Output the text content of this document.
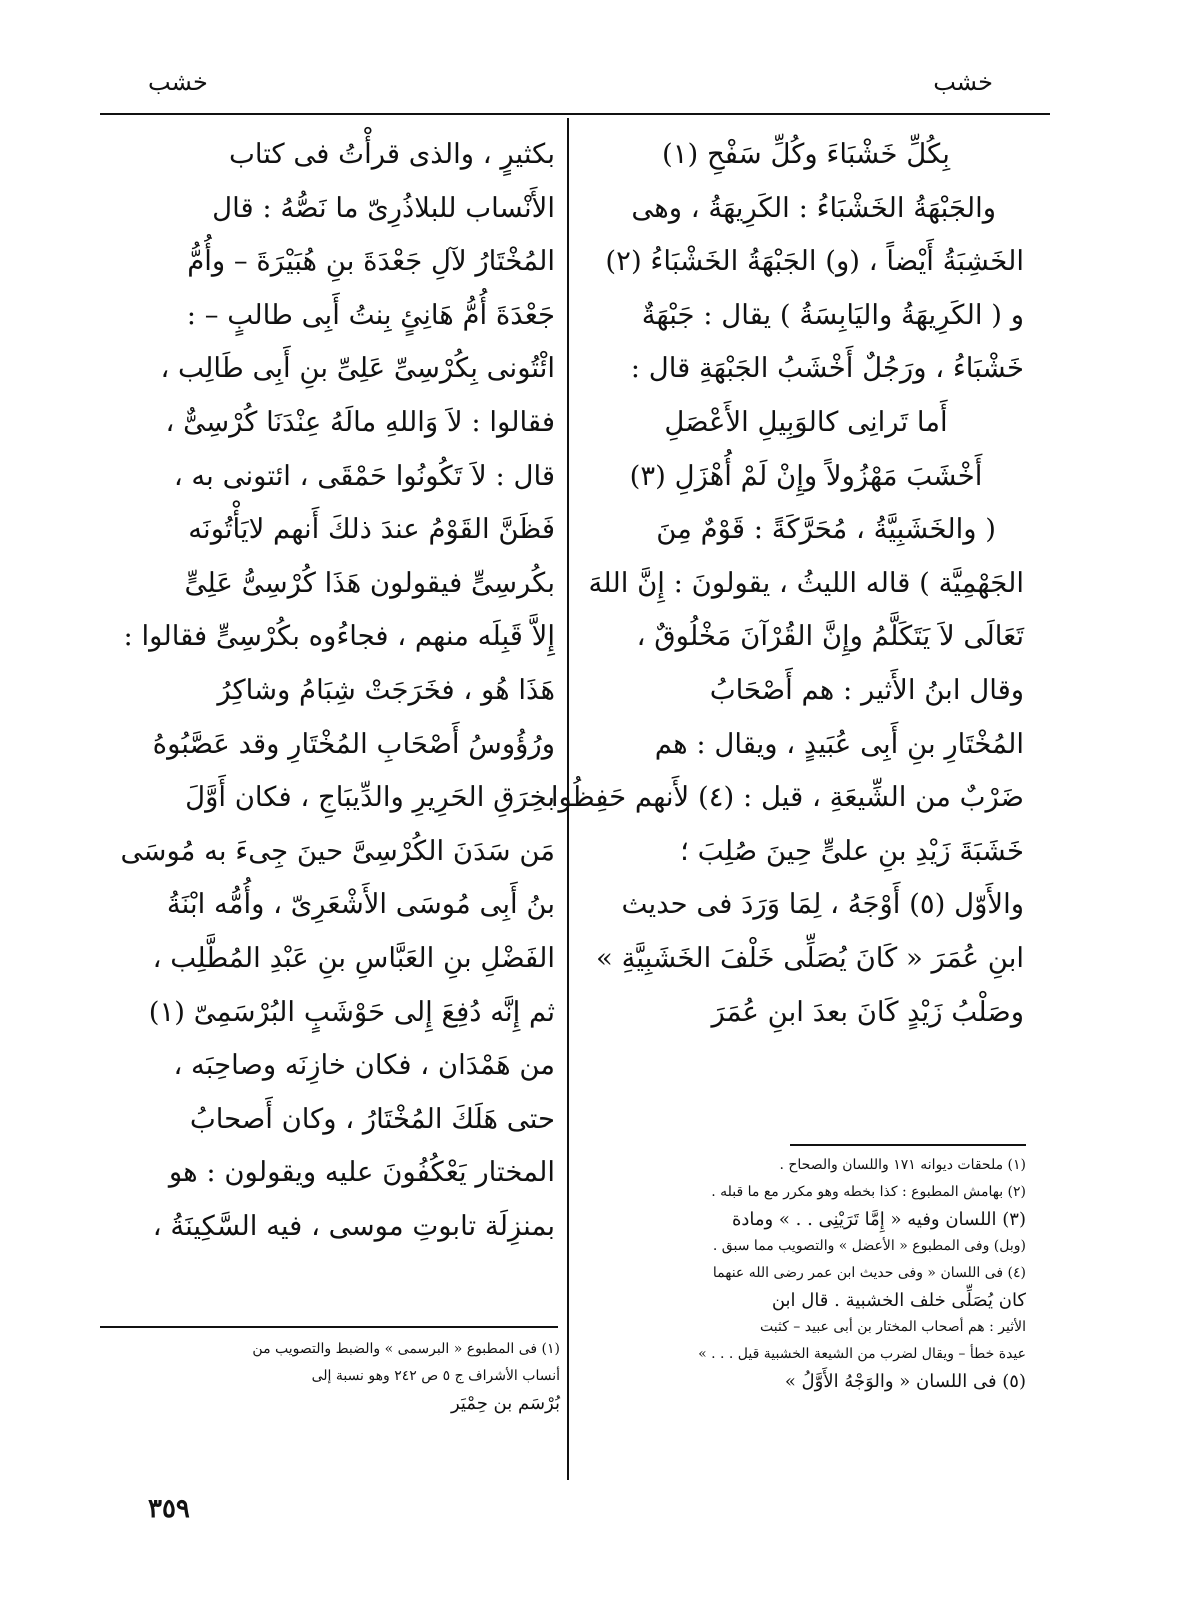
خشب
خشب
بِكُلِّ خَشْبَاءَ وكُلِّ سَفْحِ (١)
والجَبْهَةُ الخَشْبَاءُ : الكَرِيهَةُ ، وهى
الخَشِبَةُ أَيْضاً ، (و) الجَبْهَةُ الخَشْبَاءُ (٢)
و ( الكَرِيهَةُ واليَابِسَةُ ) يقال : جَبْهَةٌ
خَشْبَاءُ ، ورَجُلٌ أَخْشَبُ الجَبْهَةِ قال :
أَما تَرانِى كالوَبِيلِ الأَعْصَلِ
أَخْشَبَ مَهْزُولاً وإِنْ لَمْ أُهْزَلِ (٣)
( والخَشَبِيَّةُ ، مُحَرَّكَةً : قَوْمٌ مِنَ
الجَهْمِيَّة ) قاله الليثُ ، يقولونَ : إِنَّ اللهَ
تَعَالَى لاَ يَتَكَلَّمُ وإِنَّ القُرْآنَ مَخْلُوقٌ ،
وقال ابنُ الأَثير : هم أَصْحَابُ
المُخْتَارِ بنِ أَبِى عُبَيدٍ ، ويقال : هم
ضَرْبٌ من الشِّيعَةِ ، قيل : (٤) لأَنهم حَفِظُوا
خَشَبَةَ زَيْدِ بنِ علىٍّ حِينَ صُلِبَ ؛
والأَوّل (٥) أَوْجَهُ ، لِمَا وَرَدَ فى حديث
ابنِ عُمَرَ « كَانَ يُصَلِّى خَلْفَ الخَشَبِيَّةِ »
وصَلْبُ زَيْدٍ كَانَ بعدَ ابنِ عُمَرَ
(١) ملحقات ديوانه ١٧١ واللسان والصحاح .
(٢) بهامش المطبوع : كذا بخطه وهو مكرر مع ما قبله .
(٣) اللسان وفيه « إِمَّا تَرَيْنِى . . » ومادة
(وبل) وفى المطبوع « الأعضل » والتصويب مما سبق .
(٤) فى اللسان « وفى حديث ابن عمر رضى الله عنهما
كان يُصَلِّى خلف الخشبية . قال ابن
الأثير : هم أصحاب المختار بن أبى عبيد – كثبت
عيدة خطأ – ويقال لضرب من الشيعة الخشبية قيل . . . »
(٥) فى اللسان « والوَجْهُ الأَوَّلُ »
بكثيرٍ ، والذى قرأْتُ فى كتاب
الأَنْساب للبلاذُرِىّ ما نَصُّهُ : قال
المُخْتَارُ لآلِ جَعْدَةَ بنِ هُبَيْرَةَ – وأُمُّ
جَعْدَةَ أُمُّ هَانِئٍ بِنتُ أَبِى طالبٍ – :
ائْتُونى بِكُرْسِىِّ عَلِىِّ بنِ أَبِى طَالِب ،
فقالوا : لاَ وَاللهِ مالَهُ عِنْدَنَا كُرْسِىٌّ ،
قال : لاَ تَكُونُوا حَمْقَى ، ائتونى به ،
فَظَنَّ القَوْمُ عندَ ذلكَ أَنهم لايَأْتُونَه
بكُرسِىٍّ فيقولون هَذَا كُرْسِىُّ عَلِىٍّ
إِلاَّ قَبِلَه منهم ، فجاءُوه بكُرْسِىٍّ فقالوا :
هَذَا هُو ، فخَرَجَتْ شِبَامُ وشاكِرُ
ورُؤُوسُ أَصْحَابِ المُخْتَارِ وقد عَصَّبُوهُ
بخِرَقِ الحَرِيرِ والدِّيبَاجِ ، فكان أَوَّلَ
مَن سَدَنَ الكُرْسِىَّ حينَ جِىءَ به مُوسَى
بنُ أَبِى مُوسَى الأَشْعَرِىّ ، وأُمُّه ابْنَةُ
الفَضْلِ بنِ العَبَّاسِ بنِ عَبْدِ المُطَّلِب ،
ثم إِنَّه دُفِعَ إِلى حَوْشَبٍ البُرْسَمِىّ (١)
من هَمْدَان ، فكان خازِنَه وصاحِبَه ،
حتى هَلَكَ المُخْتَارُ ، وكان أَصحابُ
المختار يَعْكُفُونَ عليه ويقولون : هو
بمنزِلَة تابوتِ موسى ، فيه السَّكِينَةُ ،
(١) فى المطبوع « البرسمى » والضبط والتصويب من
أنساب الأشراف ج ٥ ص ٢٤٢ وهو نسبة إلى
بُرْسَم بن حِمْيَر
٣٥٩
